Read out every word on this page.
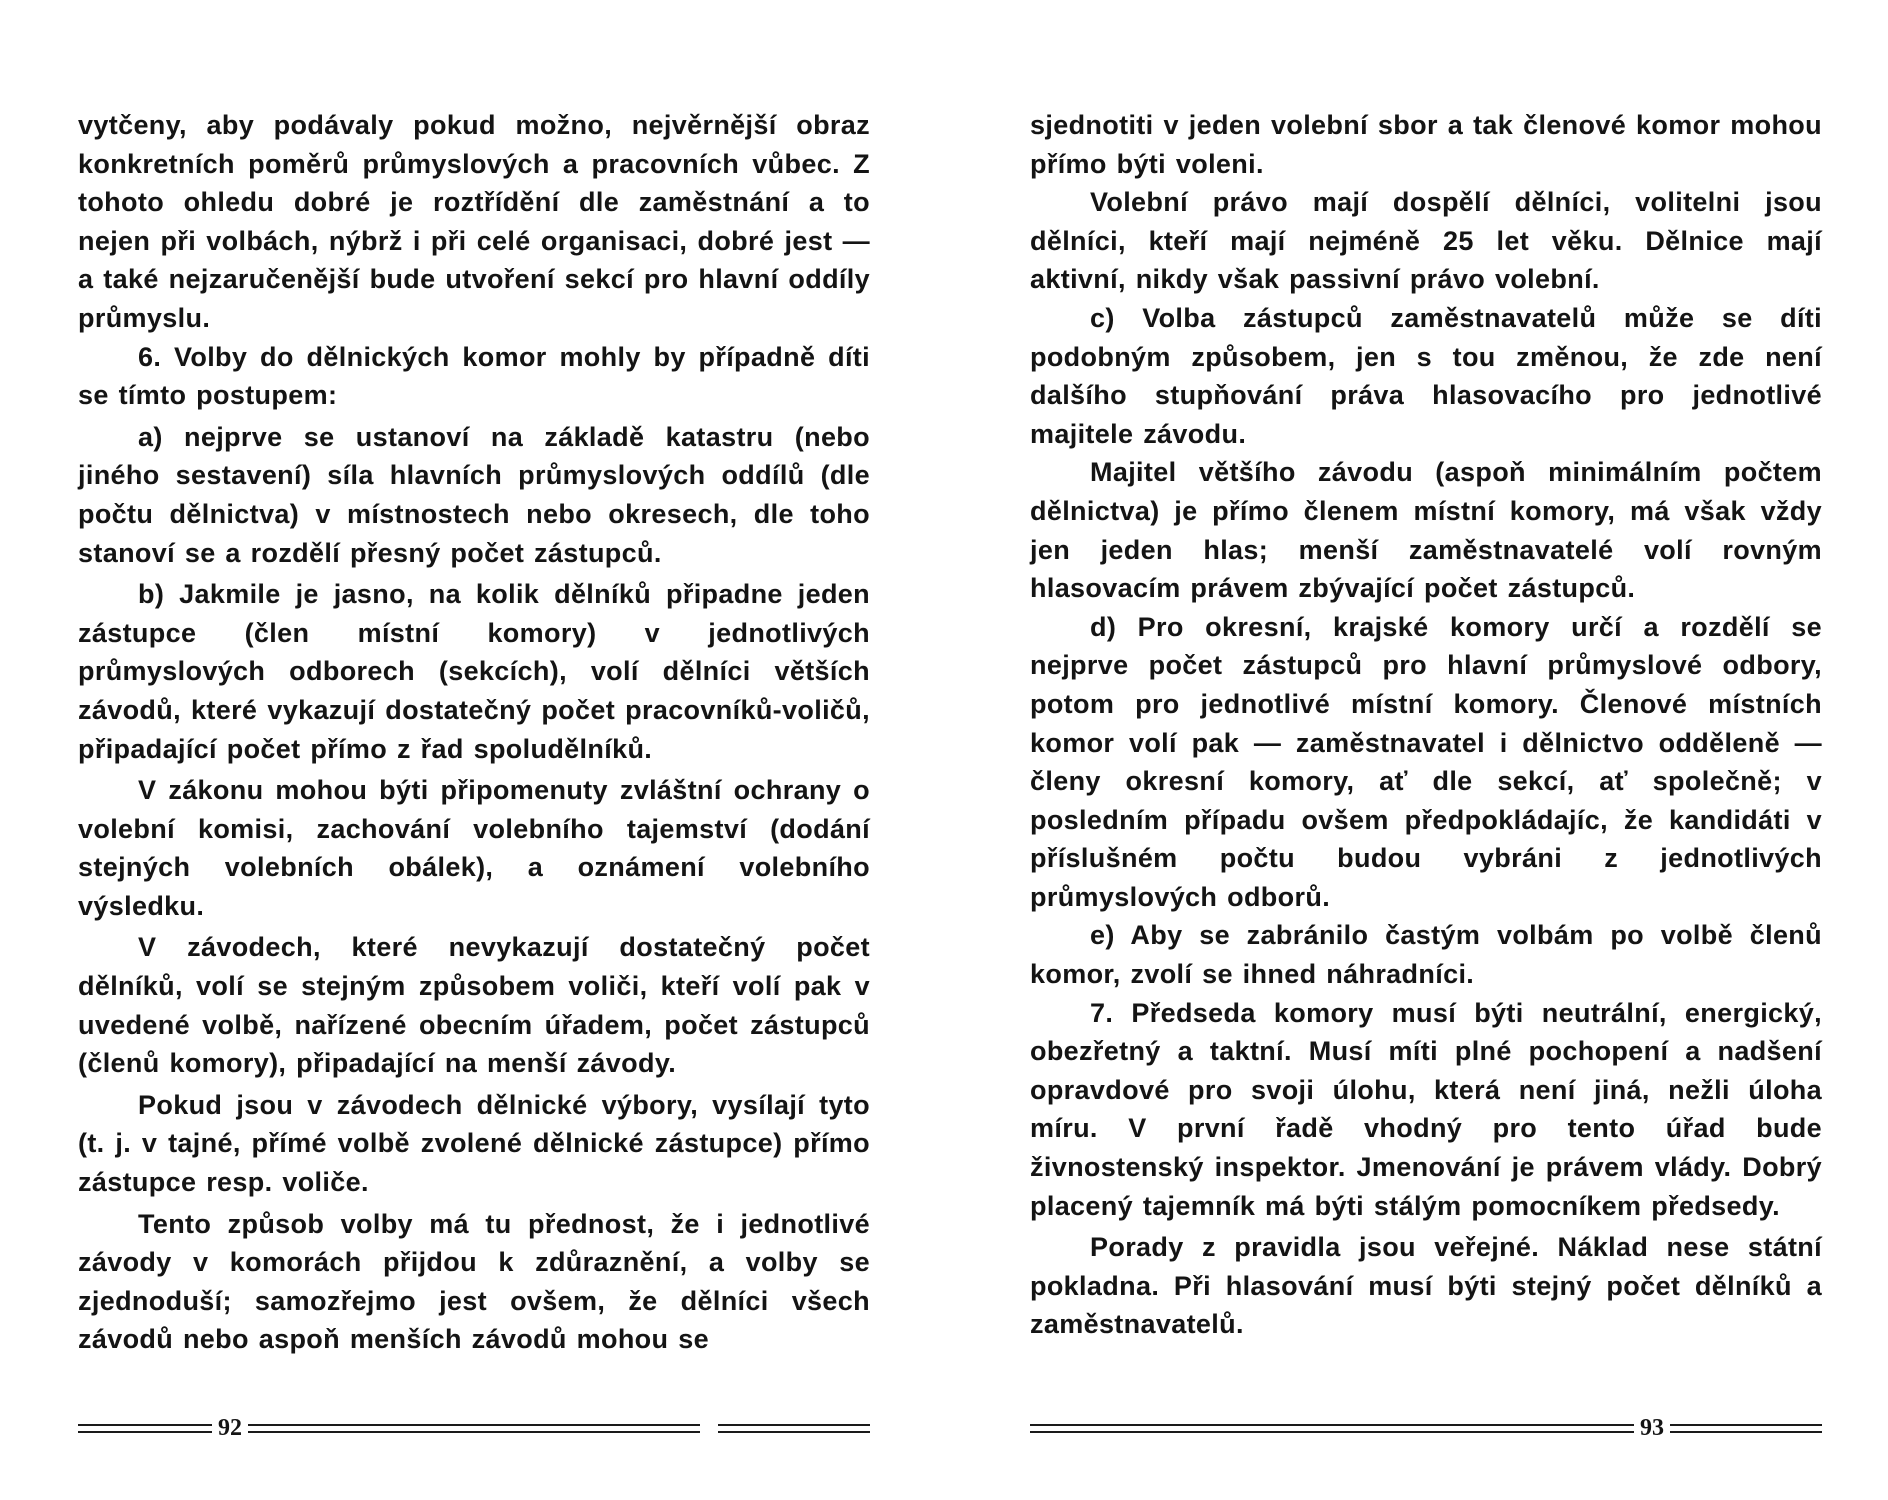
vytčeny, aby podávaly pokud možno, nejvěrnější obraz konkretních poměrů průmyslových a pracovních vůbec. Z tohoto ohledu dobré je roztřídění dle zaměstnání a to nejen při volbách, nýbrž i při celé organisaci, dobré jest — a také nejzaručenější bude utvoření sekcí pro hlavní oddíly průmyslu.

6. Volby do dělnických komor mohly by případně díti se tímto postupem:

a) nejprve se ustanoví na základě katastru (nebo jiného sestavení) síla hlavních průmyslových oddílů (dle počtu dělnictva) v místnostech nebo okresech, dle toho stanoví se a rozdělí přesný počet zástupců.

b) Jakmile je jasno, na kolik dělníků připadne jeden zástupce (člen místní komory) v jednotlivých průmyslových odborech (sekcích), volí dělníci větších závodů, které vykazují dostatečný počet pracovníků-voličů, připadající počet přímo z řad spoludělníků.

V zákonu mohou býti připomenuty zvláštní ochrany o volební komisi, zachování volebního tajemství (dodání stejných volebních obálek), a oznámení volebního výsledku.

V závodech, které nevykazují dostatečný počet dělníků, volí se stejným způsobem voliči, kteří volí pak v uvedené volbě, nařízené obecním úřadem, počet zástupců (členů komory), připadající na menší závody.

Pokud jsou v závodech dělnické výbory, vysílají tyto (t. j. v tajné, přímé volbě zvolené dělnické zástupce) přímo zástupce resp. voliče.

Tento způsob volby má tu přednost, že i jednotlivé závody v komorách přijdou k zdůraznění, a volby se zjednoduší; samozřejmo jest ovšem, že dělníci všech závodů nebo aspoň menších závodů mohou se

92

sjednotiti v jeden volební sbor a tak členové komor mohou přímo býti voleni.

Volební právo mají dospělí dělníci, volitelni jsou dělníci, kteří mají nejméně 25 let věku. Dělnice mají aktivní, nikdy však passivní právo volební.

c) Volba zástupců zaměstnavatelů může se díti podobným způsobem, jen s tou změnou, že zde není dalšího stupňování práva hlasovacího pro jednotlivé majitele závodu.

Majitel většího závodu (aspoň minimálním počtem dělnictva) je přímo členem místní komory, má však vždy jen jeden hlas; menší zaměstnavatelé volí rovným hlasovacím právem zbývající počet zástupců.

d) Pro okresní, krajské komory určí a rozdělí se nejprve počet zástupců pro hlavní průmyslové odbory, potom pro jednotlivé místní komory. Členové místních komor volí pak — zaměstnavatel i dělnictvo odděleně — členy okresní komory, ať dle sekcí, ať společně; v posledním případu ovšem předpokládajíc, že kandidáti v příslušném počtu budou vybráni z jednotlivých průmyslových odborů.

e) Aby se zabránilo častým volbám po volbě členů komor, zvolí se ihned náhradníci.

7. Předseda komory musí býti neutrální, energický, obezřetný a taktní. Musí míti plné pochopení a nadšení opravdové pro svoji úlohu, která není jiná, nežli úloha míru. V první řadě vhodný pro tento úřad bude živnostenský inspektor. Jmenování je právem vlády. Dobrý placený tajemník má býti stálým pomocníkem předsedy.

Porady z pravidla jsou veřejné. Náklad nese státní pokladna. Při hlasování musí býti stejný počet dělníků a zaměstnavatelů.

93
